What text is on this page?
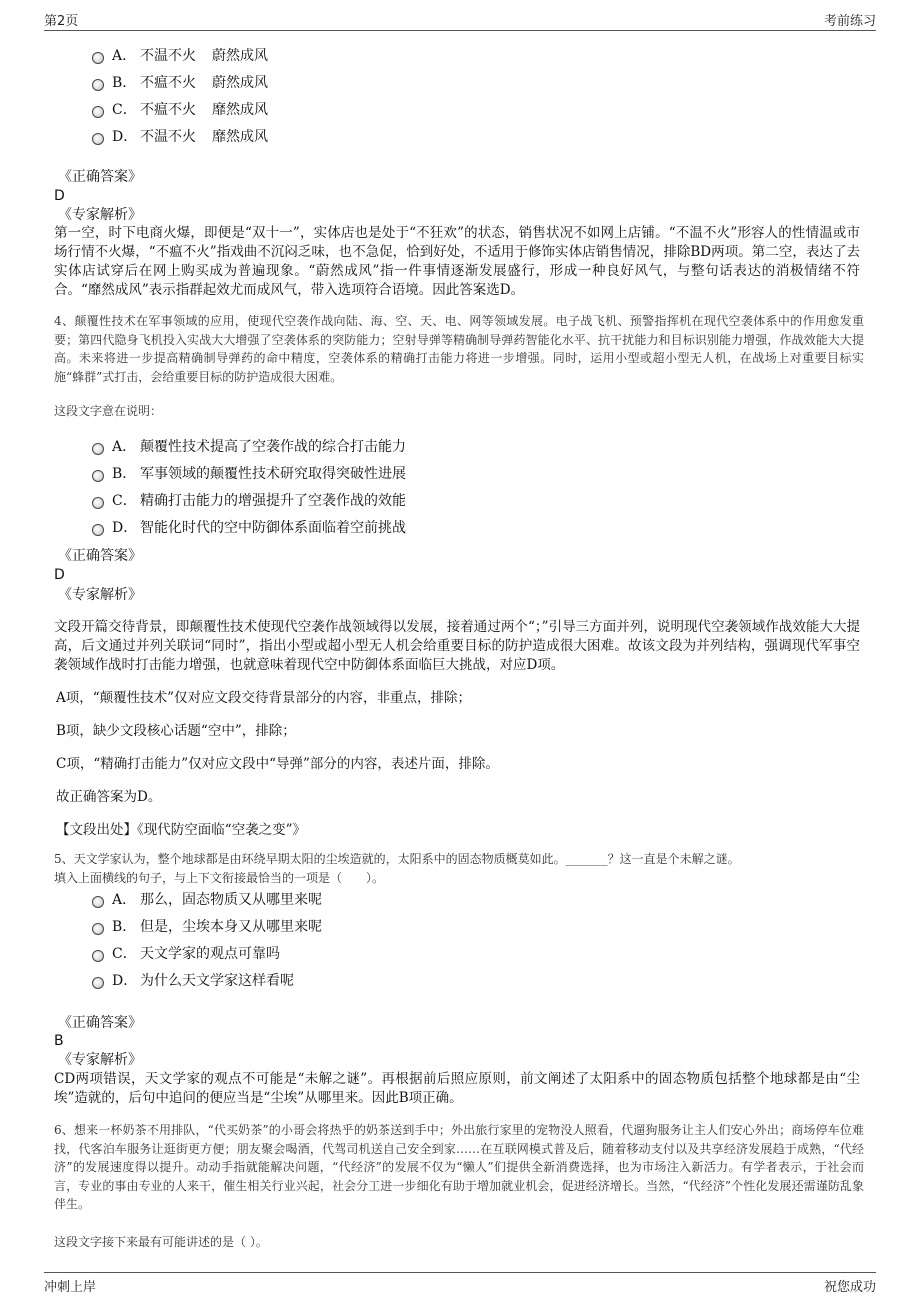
第2页	考前练习
A． 不温不火 蔚然成风
B． 不瘟不火 蔚然成风
C． 不瘟不火 靡然成风
D． 不温不火 靡然成风
《正确答案》
D
《专家解析》
第一空，时下电商火爆，即便是“双十一”，实体店也是处于“不狂欢”的状态，销售状况不如网上店铺。“不温不火”形容人的性情温或市场行情不火爆，“不瘟不火”指戏曲不沉闷乏味，也不急促，恰到好处，不适用于修饰实体店销售情况，排除BD两项。第二空，表达了去实体店试穿后在网上购买成为普遍现象。“蔚然成风”指一件事情逐渐发展盛行，形成一种良好风气，与整句话表达的消极情绪不符合。“靡然成风”表示指群起效尤而成风气，带入选项符合语境。因此答案选D。
4、颠覆性技术在军事领域的应用，使现代空袭作战向陆、海、空、天、电、网等领域发展。电子战飞机、预警指挥机在现代空袭体系中的作用愈发重要；第四代隐身飞机投入实战大大增强了空袭体系的突防能力；空射导弹等精确制导弹药智能化水平、抗干扰能力和目标识别能力增强，作战效能大大提高。未来将进一步提高精确制导弹药的命中精度，空袭体系的精确打击能力将进一步增强。同时，运用小型或超小型无人机，在战场上对重要目标实施“蜂群”式打击，会给重要目标的防护造成很大困难。
这段文字意在说明：
A． 颠覆性技术提高了空袭作战的综合打击能力
B． 军事领域的颠覆性技术研究取得突破性进展
C． 精确打击能力的增强提升了空袭作战的效能
D． 智能化时代的空中防御体系面临着空前挑战
《正确答案》
D
《专家解析》
文段开篇交待背景，即颠覆性技术使现代空袭作战领域得以发展，接着通过两个“；”引导三方面并列，说明现代空袭领域作战效能大大提高，后文通过并列关联词“同时”，指出小型或超小型无人机会给重要目标的防护造成很大困难。故该文段为并列结构，强调现代军事空袭领域作战时打击能力增强，也就意味着现代空中防御体系面临巨大挑战，对应D项。
A项，“颠覆性技术”仅对应文段交待背景部分的内容，非重点，排除；
B项，缺少文段核心话题“空中”，排除；
C项，“精确打击能力”仅对应文段中“导弹”部分的内容，表述片面，排除。
故正确答案为D。
【文段出处】《现代防空面临“空袭之变”》
5、天文学家认为，整个地球都是由环绕早期太阳的尘埃造就的，太阳系中的固态物质概莫如此。_______？这一直是个未解之谜。
填入上面横线的句子，与上下文衔接最恰当的一项是（　　）。
A． 那么，固态物质又从哪里来呢
B． 但是，尘埃本身又从哪里来呢
C． 天文学家的观点可靠吗
D． 为什么天文学家这样看呢
《正确答案》
B
《专家解析》
CD两项错误，天文学家的观点不可能是“未解之谜”。再根据前后照应原则，前文阐述了太阳系中的固态物质包括整个地球都是由“尘埃”造就的，后句中追问的便应当是“尘埃”从哪里来。因此B项正确。
6、想来一杯奶茶不用排队，“代买奶茶”的小哥会将热乎的奶茶送到手中；外出旅行家里的宠物没人照看，代遛狗服务让主人们安心外出；商场停车位难找，代客泊车服务让逛街更方便；朋友聚会喝酒，代驾司机送自己安全到家……在互联网模式普及后，随着移动支付以及共享经济发展趋于成熟，“代经济”的发展速度得以提升。动动手指就能解决问题，“代经济”的发展不仅为“懒人”们提供全新消费选择，也为市场注入新活力。有学者表示，于社会而言，专业的事由专业的人来干，催生相关行业兴起，社会分工进一步细化有助于增加就业机会，促进经济增长。当然，“代经济”个性化发展还需谨防乱象伴生。
这段文字接下来最有可能讲述的是（ ）。
冲刺上岸	祝您成功
